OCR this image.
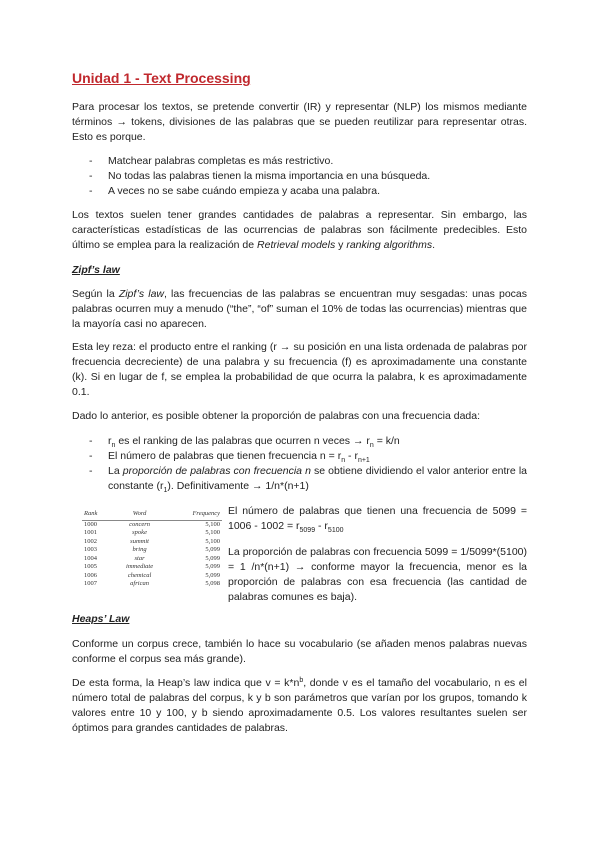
Unidad 1 - Text Processing

Para procesar los textos, se pretende convertir (IR) y representar (NLP) los mismos mediante términos → tokens, divisiones de las palabras que se pueden reutilizar para representar otras. Esto es porque.

- Matchear palabras completas es más restrictivo.
- No todas las palabras tienen la misma importancia en una búsqueda.
- A veces no se sabe cuándo empieza y acaba una palabra.

Los textos suelen tener grandes cantidades de palabras a representar. Sin embargo, las características estadísticas de las ocurrencias de palabras son fácilmente predecibles. Esto último se emplea para la realización de Retrieval models y ranking algorithms.

Zipf’s law

Según la Zipf’s law, las frecuencias de las palabras se encuentran muy sesgadas: unas pocas palabras ocurren muy a menudo (“the”, “of” suman el 10% de todas las ocurrencias) mientras que la mayoría casi no aparecen.

Esta ley reza: el producto entre el ranking (r → su posición en una lista ordenada de palabras por frecuencia decreciente) de una palabra y su frecuencia (f) es aproximadamente una constante (k). Si en lugar de f, se emplea la probabilidad de que ocurra la palabra, k es aproximadamente 0.1.

Dado lo anterior, es posible obtener la proporción de palabras con una frecuencia dada:

- $r_n$ es el ranking de las palabras que ocurren n veces → $r_n = k/n$
- El número de palabras que tienen frecuencia $n = r_n - r_{n+1}$
- La proporción de palabras con frecuencia n se obtiene dividiendo el valor anterior entre la constante $(r_1)$. Definitivamente → 1/n*(n+1)
Rank	Word	Frequency
1000	concern	5,100
1001	spoke	5,100
1002	summit	5,100
1003	bring	5,099
1004	star	5,099
1005	immediate	5,099
1006	chemical	5,099
1007	african	5,098

El número de palabras que tienen una frecuencia de $5099 = 1006 - 1002 = r_{5099} - r_{5100}$

La proporción de palabras con frecuencia 5099 = 1/5099*(5100) = 1 /n*(n+1) → conforme mayor la frecuencia, menor es la proporción de palabras con esa frecuencia (las cantidad de palabras comunes es baja).

Heaps’ Law

Conforme un corpus crece, también lo hace su vocabulario (se añaden menos palabras nuevas conforme el corpus sea más grande).

De esta forma, la Heap’s law indica que $v = k*n^b$, donde v es el tamaño del vocabulario, n es el número total de palabras del corpus, k y b son parámetros que varían por los grupos, tomando k valores entre 10 y 100, y b siendo aproximadamente 0.5. Los valores resultantes suelen ser óptimos para grandes cantidades de palabras.
